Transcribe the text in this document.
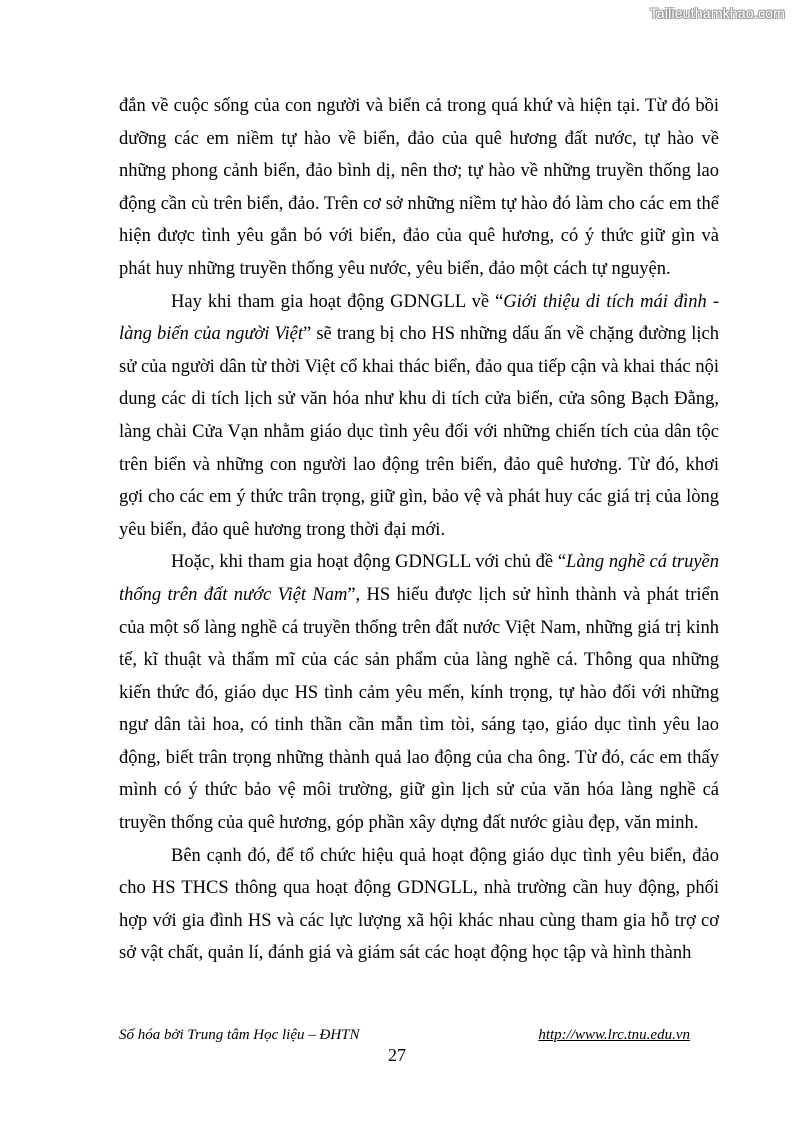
Tailieuthamkhao.com

đắn về cuộc sống của con người và biển cả trong quá khứ và hiện tại. Từ đó bồi dưỡng các em niềm tự hào về biển, đảo của quê hương đất nước, tự hào về những phong cảnh biển, đảo bình dị, nên thơ; tự hào về những truyền thống lao động cần cù trên biển, đảo. Trên cơ sở những niềm tự hào đó làm cho các em thể hiện được tình yêu gắn bó với biển, đảo của quê hương, có ý thức giữ gìn và phát huy những truyền thống yêu nước, yêu biển, đảo một cách tự nguyện.

Hay khi tham gia hoạt động GDNGLL về “Giới thiệu di tích mái đình - làng biển của người Việt” sẽ trang bị cho HS những dấu ấn về chặng đường lịch sử của người dân từ thời Việt cổ khai thác biển, đảo qua tiếp cận và khai thác nội dung các di tích lịch sử văn hóa như khu di tích cửa biển, cửa sông Bạch Đằng, làng chài Cửa Vạn nhằm giáo dục tình yêu đối với những chiến tích của dân tộc trên biển và những con người lao động trên biển, đảo quê hương. Từ đó, khơi gợi cho các em ý thức trân trọng, giữ gìn, bảo vệ và phát huy các giá trị của lòng yêu biển, đảo quê hương trong thời đại mới.

Hoặc, khi tham gia hoạt động GDNGLL với chủ đề “Làng nghề cá truyền thống trên đất nước Việt Nam”, HS hiểu được lịch sử hình thành và phát triển của một số làng nghề cá truyền thống trên đất nước Việt Nam, những giá trị kinh tế, kĩ thuật và thẩm mĩ của các sản phẩm của làng nghề cá. Thông qua những kiến thức đó, giáo dục HS tình cảm yêu mến, kính trọng, tự hào đối với những ngư dân tài hoa, có tinh thần cần mẫn tìm tòi, sáng tạo, giáo dục tình yêu lao động, biết trân trọng những thành quả lao động của cha ông. Từ đó, các em thấy mình có ý thức bảo vệ môi trường, giữ gìn lịch sử của văn hóa làng nghề cá truyền thống của quê hương, góp phần xây dựng đất nước giàu đẹp, văn minh.

Bên cạnh đó, để tổ chức hiệu quả hoạt động giáo dục tình yêu biển, đảo cho HS THCS thông qua hoạt động GDNGLL, nhà trường cần huy động, phối hợp với gia đình HS và các lực lượng xã hội khác nhau cùng tham gia hỗ trợ cơ sở vật chất, quản lí, đánh giá và giám sát các hoạt động học tập và hình thành

Số hóa bởi Trung tâm Học liệu – ĐHTN	http://www.lrc.tnu.edu.vn
27
